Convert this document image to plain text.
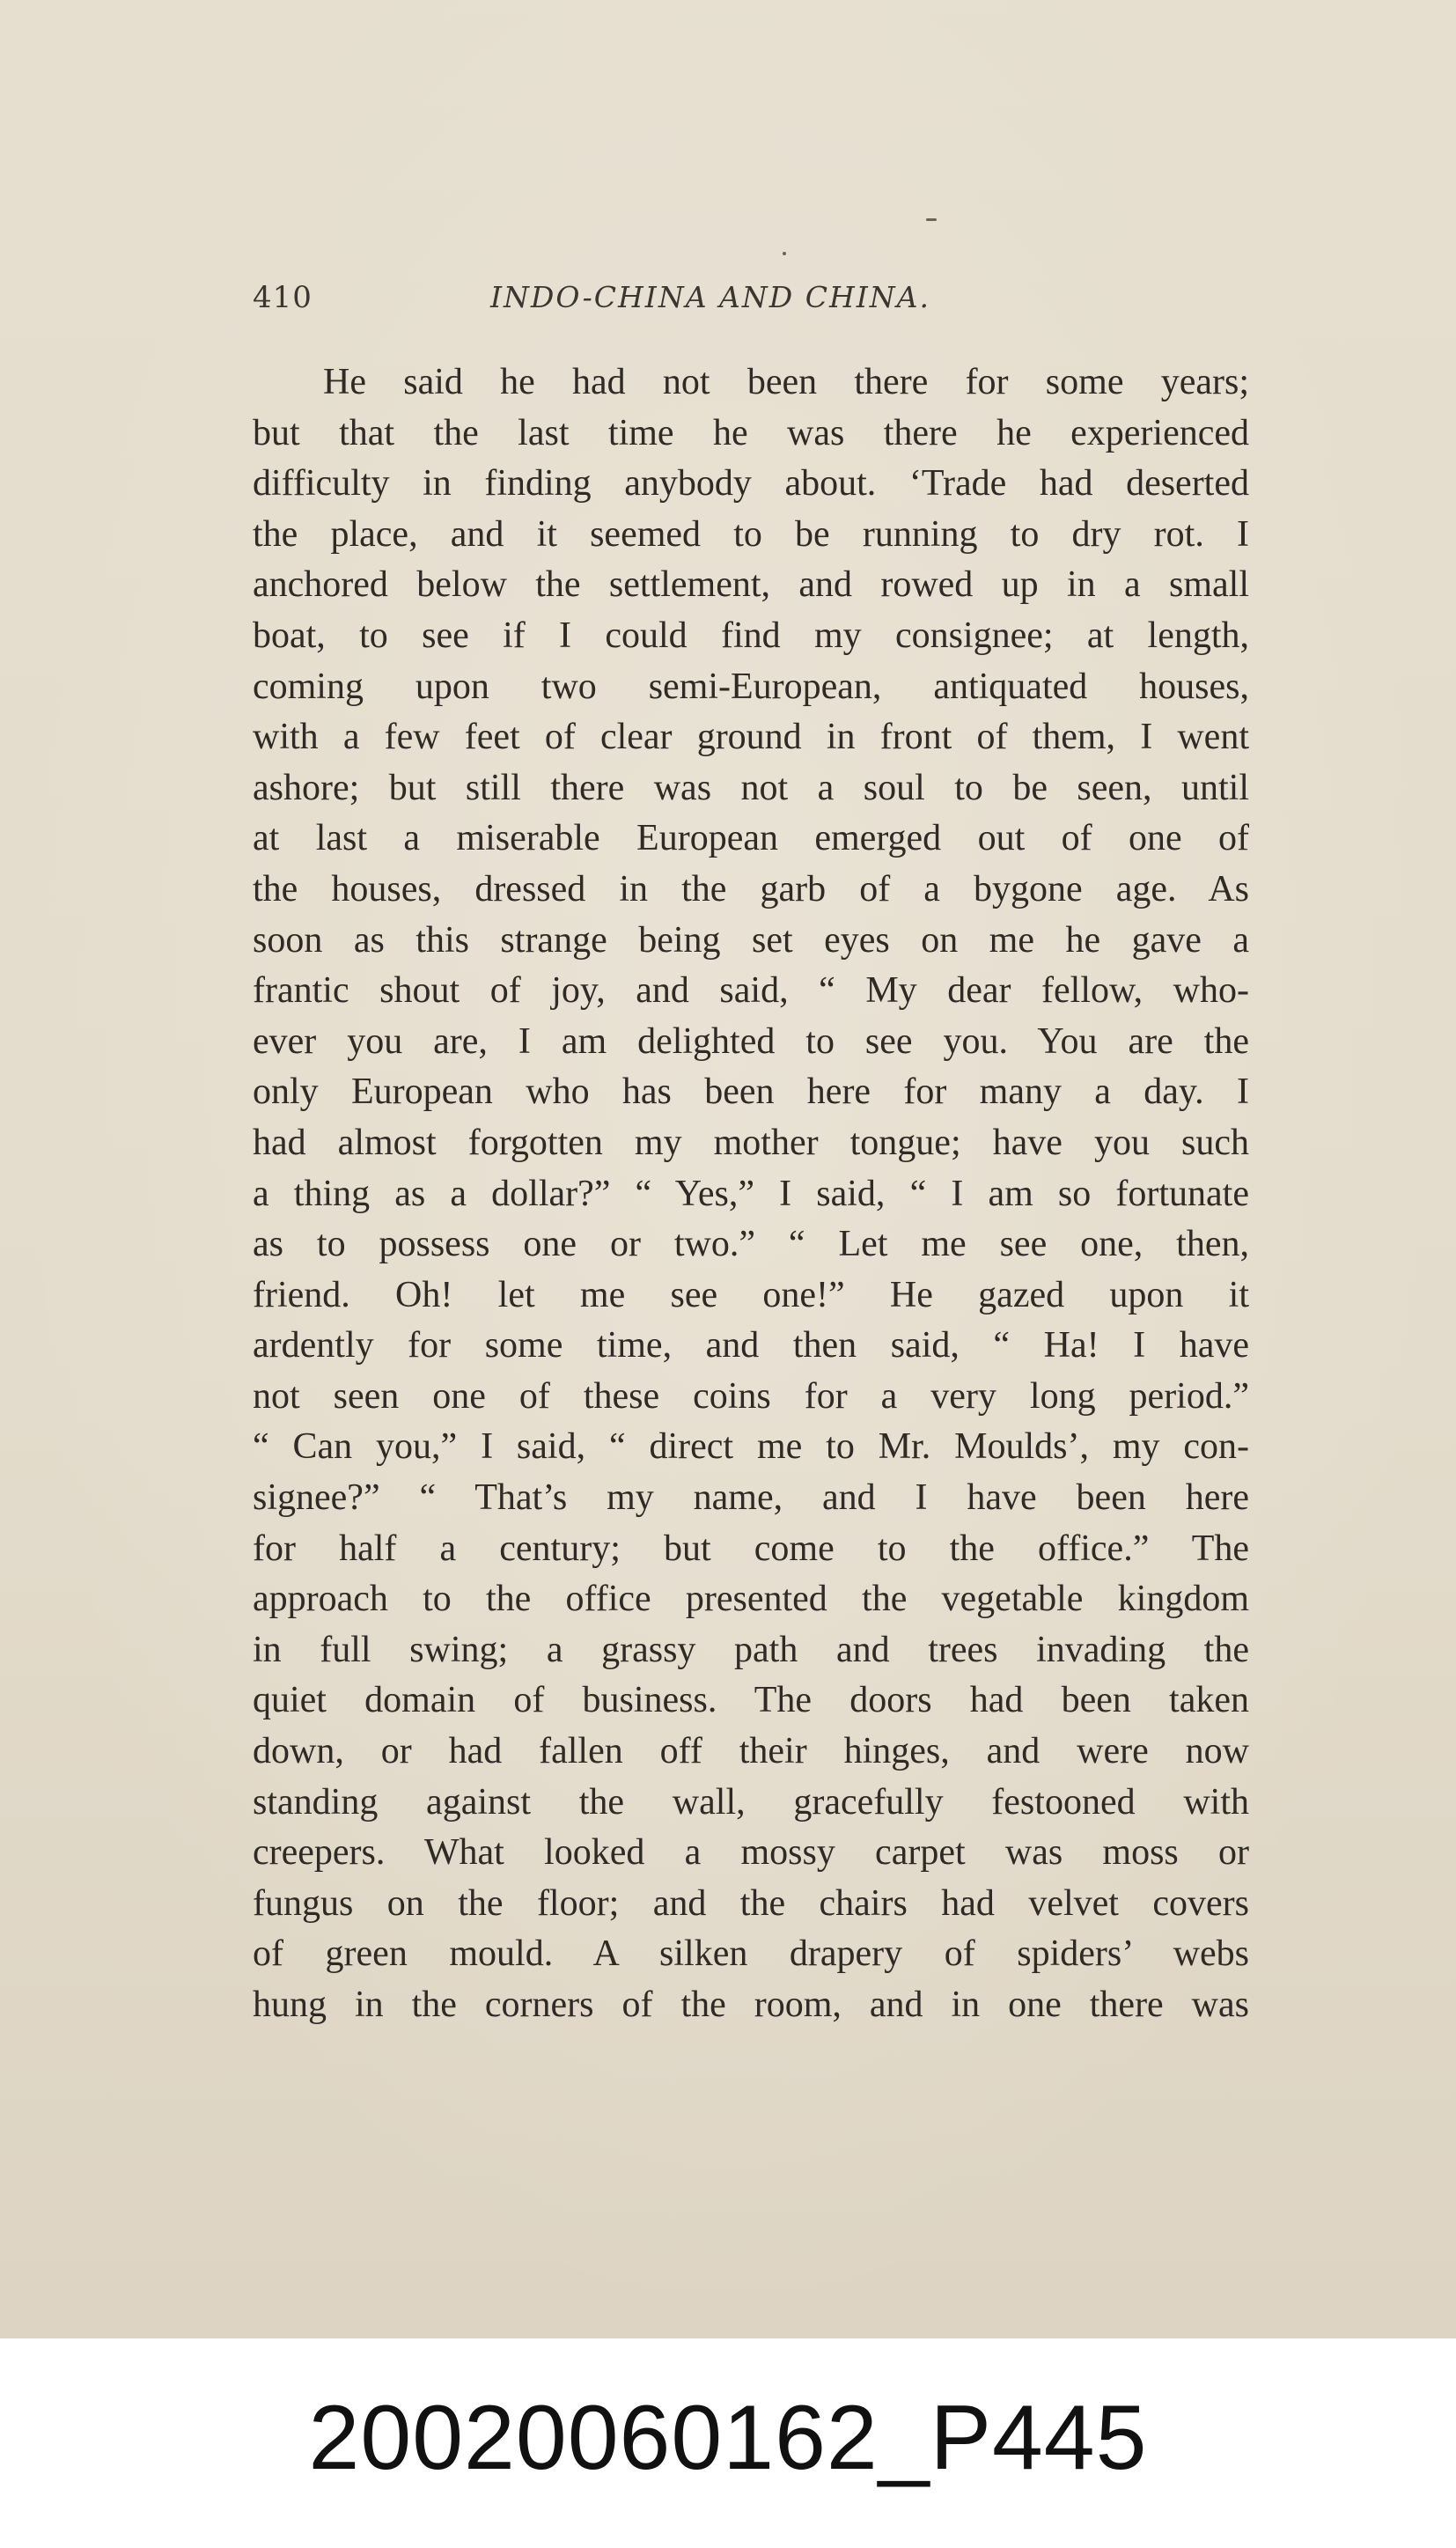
410	INDO-CHINA AND CHINA.
He said he had not been there for some years;
but that the last time he was there he experienced
difficulty in finding anybody about. ‘Trade had deserted
the place, and it seemed to be running to dry rot. I
anchored below the settlement, and rowed up in a small
boat, to see if I could find my consignee; at length,
coming upon two semi-European, antiquated houses,
with a few feet of clear ground in front of them, I went
ashore; but still there was not a soul to be seen, until
at last a miserable European emerged out of one of
the houses, dressed in the garb of a bygone age. As
soon as this strange being set eyes on me he gave a
frantic shout of joy, and said, “ My dear fellow, who-
ever you are, I am delighted to see you. You are the
only European who has been here for many a day. I
had almost forgotten my mother tongue; have you such
a thing as a dollar?” “ Yes,” I said, “ I am so fortunate
as to possess one or two.” “ Let me see one, then,
friend. Oh! let me see one!” He gazed upon it
ardently for some time, and then said, “ Ha! I have
not seen one of these coins for a very long period.”
“ Can you,” I said, “ direct me to Mr. Moulds’, my con-
signee?” “ That’s my name, and I have been here
for half a century; but come to the office.” The
approach to the office presented the vegetable kingdom
in full swing; a grassy path and trees invading the
quiet domain of business. The doors had been taken
down, or had fallen off their hinges, and were now
standing against the wall, gracefully festooned with
creepers. What looked a mossy carpet was moss or
fungus on the floor; and the chairs had velvet covers
of green mould. A silken drapery of spiders’ webs
hung in the corners of the room, and in one there was
20020060162_P445
